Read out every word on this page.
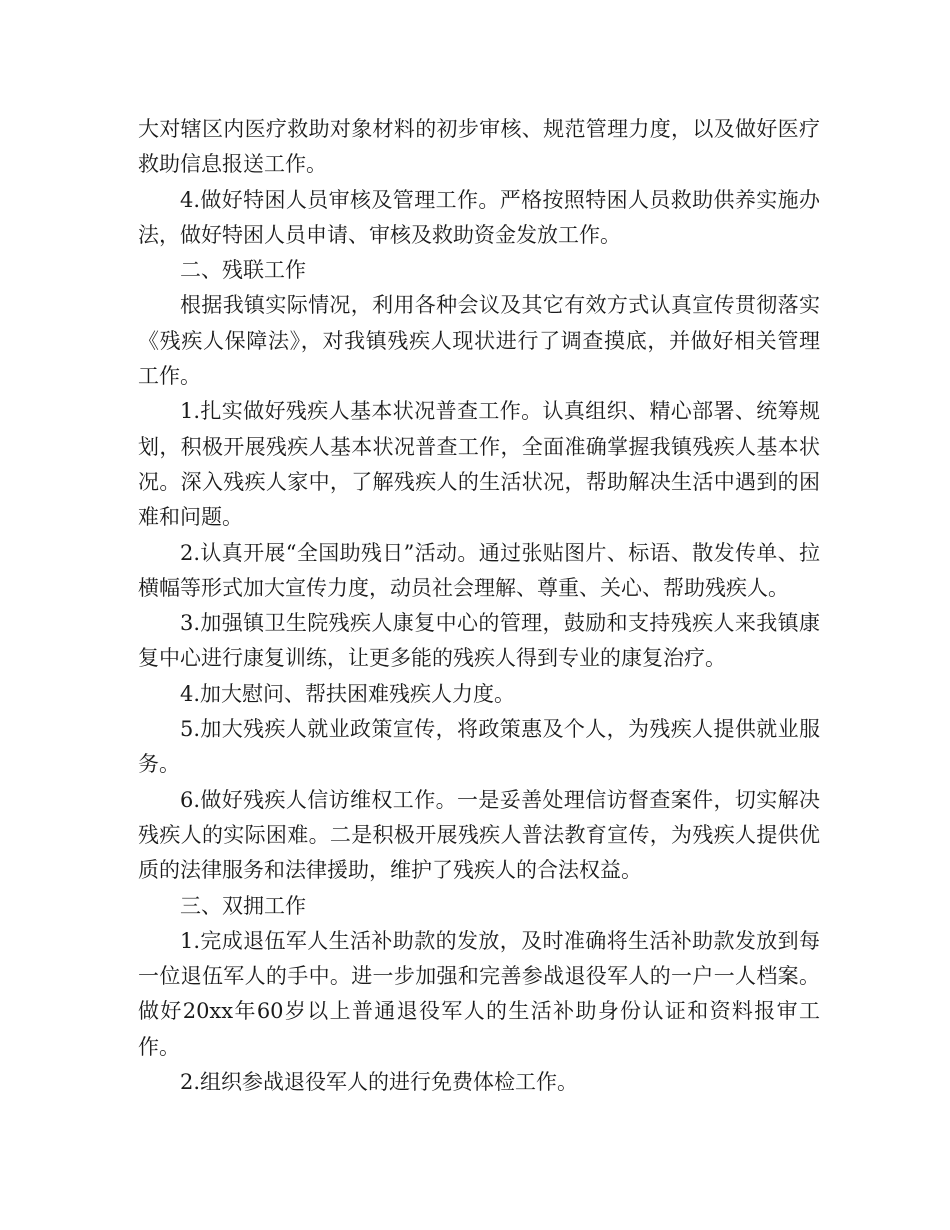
大对辖区内医疗救助对象材料的初步审核、规范管理力度，以及做好医疗救助信息报送工作。

4.做好特困人员审核及管理工作。严格按照特困人员救助供养实施办法，做好特困人员申请、审核及救助资金发放工作。

二、残联工作

根据我镇实际情况，利用各种会议及其它有效方式认真宣传贯彻落实《残疾人保障法》，对我镇残疾人现状进行了调查摸底，并做好相关管理工作。

1.扎实做好残疾人基本状况普查工作。认真组织、精心部署、统筹规划，积极开展残疾人基本状况普查工作，全面准确掌握我镇残疾人基本状况。深入残疾人家中，了解残疾人的生活状况，帮助解决生活中遇到的困难和问题。

2.认真开展“全国助残日”活动。通过张贴图片、标语、散发传单、拉横幅等形式加大宣传力度，动员社会理解、尊重、关心、帮助残疾人。

3.加强镇卫生院残疾人康复中心的管理，鼓励和支持残疾人来我镇康复中心进行康复训练，让更多能的残疾人得到专业的康复治疗。

4.加大慰问、帮扶困难残疾人力度。

5.加大残疾人就业政策宣传，将政策惠及个人，为残疾人提供就业服务。

6.做好残疾人信访维权工作。一是妥善处理信访督查案件，切实解决残疾人的实际困难。二是积极开展残疾人普法教育宣传，为残疾人提供优质的法律服务和法律援助，维护了残疾人的合法权益。

三、双拥工作

1.完成退伍军人生活补助款的发放，及时准确将生活补助款发放到每一位退伍军人的手中。进一步加强和完善参战退役军人的一户一人档案。做好20xx年60岁以上普通退役军人的生活补助身份认证和资料报审工作。

2.组织参战退役军人的进行免费体检工作。
